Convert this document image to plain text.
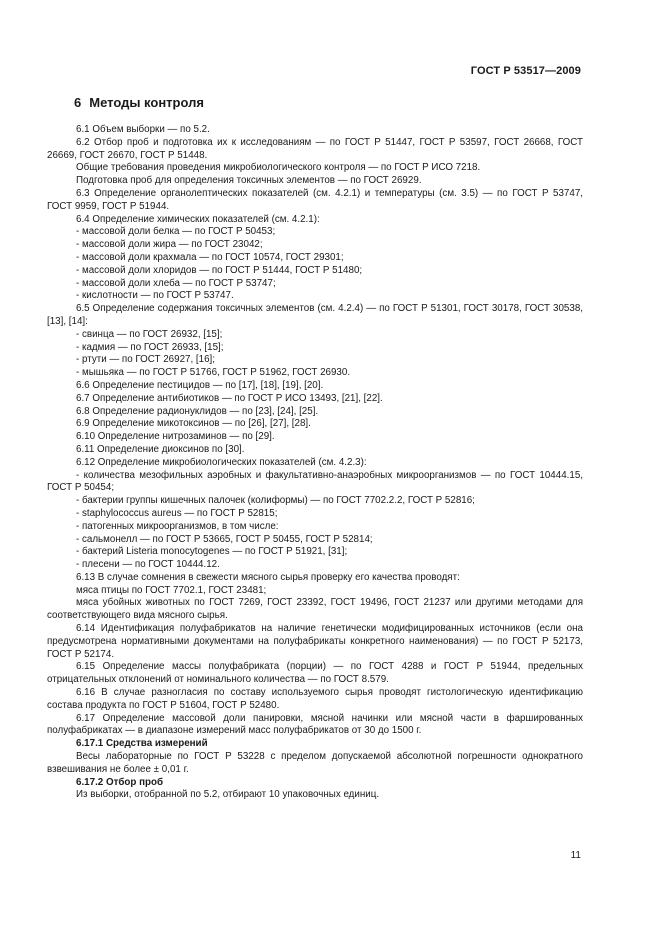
ГОСТ Р 53517—2009
6 Методы контроля

6.1 Объем выборки — по 5.2.

6.2 Отбор проб и подготовка их к исследованиям — по ГОСТ Р 51447, ГОСТ Р 53597, ГОСТ 26668, ГОСТ 26669, ГОСТ 26670, ГОСТ Р 51448.

Общие требования проведения микробиологического контроля — по ГОСТ Р ИСО 7218.

Подготовка проб для определения токсичных элементов — по ГОСТ 26929.

6.3 Определение органолептических показателей (см. 4.2.1) и температуры (см. 3.5) — по ГОСТ Р 53747, ГОСТ 9959, ГОСТ Р 51944.

6.4 Определение химических показателей (см. 4.2.1):

- массовой доли белка — по ГОСТ Р 50453;

- массовой доли жира — по ГОСТ 23042;

- массовой доли крахмала — по ГОСТ 10574, ГОСТ 29301;

- массовой доли хлоридов — по ГОСТ Р 51444, ГОСТ Р 51480;

- массовой доли хлеба — по ГОСТ Р 53747;

- кислотности — по ГОСТ Р 53747.

6.5 Определение содержания токсичных элементов (см. 4.2.4) — по ГОСТ Р 51301, ГОСТ 30178, ГОСТ 30538, [13], [14]:

- свинца — по ГОСТ 26932, [15];

- кадмия — по ГОСТ 26933, [15];

- ртути — по ГОСТ 26927, [16];

- мышьяка — по ГОСТ Р 51766, ГОСТ Р 51962, ГОСТ 26930.

6.6 Определение пестицидов — по [17], [18], [19], [20].

6.7 Определение антибиотиков — по ГОСТ Р ИСО 13493, [21], [22].

6.8 Определение радионуклидов — по [23], [24], [25].

6.9 Определение микотоксинов — по [26], [27], [28].

6.10 Определение нитрозаминов — по [29].

6.11 Определение диоксинов по [30].

6.12 Определение микробиологических показателей (см. 4.2.3):

- количества мезофильных аэробных и факультативно-анаэробных микроорганизмов — по ГОСТ 10444.15, ГОСТ Р 50454;

- бактерии группы кишечных палочек (колиформы) — по ГОСТ 7702.2.2, ГОСТ Р 52816;

- staphylococcus aureus — по ГОСТ Р 52815;

- патогенных микроорганизмов, в том числе:

- сальмонелл — по ГОСТ Р 53665, ГОСТ Р 50455, ГОСТ Р 52814;

- бактерий Listeria monocytogenes — по ГОСТ Р 51921, [31];

- плесени — по ГОСТ 10444.12.

6.13 В случае сомнения в свежести мясного сырья проверку его качества проводят:

мяса птицы по ГОСТ 7702.1, ГОСТ 23481;

мяса убойных животных по ГОСТ 7269, ГОСТ 23392, ГОСТ 19496, ГОСТ 21237 или другими методами для соответствующего вида мясного сырья.

6.14 Идентификация полуфабрикатов на наличие генетически модифицированных источников (если она предусмотрена нормативными документами на полуфабрикаты конкретного наименования) — по ГОСТ Р 52173, ГОСТ Р 52174.

6.15 Определение массы полуфабриката (порции) — по ГОСТ 4288 и ГОСТ Р 51944, предельных отрицательных отклонений от номинального количества — по ГОСТ 8.579.

6.16 В случае разногласия по составу используемого сырья проводят гистологическую идентификацию состава продукта по ГОСТ Р 51604, ГОСТ Р 52480.

6.17 Определение массовой доли панировки, мясной начинки или мясной части в фаршированных полуфабрикатах — в диапазоне измерений масс полуфабрикатов от 30 до 1500 г.

6.17.1 Средства измерений

Весы лабораторные по ГОСТ Р 53228 с пределом допускаемой абсолютной погрешности однократного взвешивания не более ± 0,01 г.

6.17.2 Отбор проб

Из выборки, отобранной по 5.2, отбирают 10 упаковочных единиц.

11
